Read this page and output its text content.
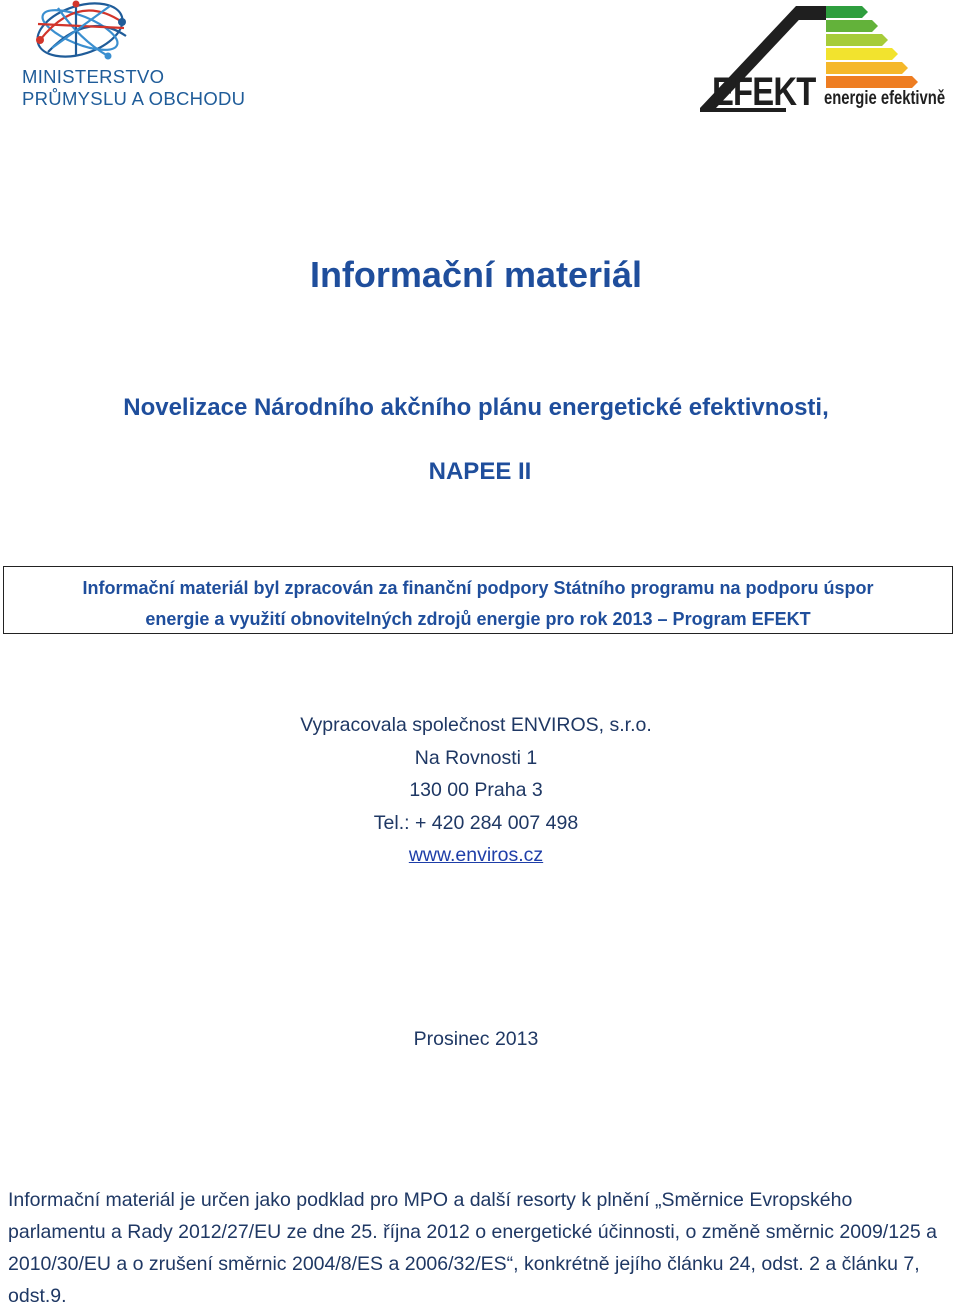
MINISTERSTVO
PRŮMYSLU A OBCHODU	EFEKT energie efektivně
Informační materiál
Novelizace Národního akčního plánu energetické efektivnosti,
NAPEE II
Informační materiál byl zpracován za finanční podpory Státního programu na podporu úspor
energie a využití obnovitelných zdrojů energie pro rok 2013 – Program EFEKT
Vypracovala společnost ENVIROS, s.r.o.
Na Rovnosti 1
130 00 Praha 3
Tel.: + 420 284 007 498
www.enviros.cz
Prosinec 2013
Informační materiál je určen jako podklad pro MPO a další resorty k plnění „Směrnice Evropského parlamentu a Rady 2012/27/EU ze dne 25. října 2012 o energetické účinnosti, o změně směrnic 2009/125 a 2010/30/EU a o zrušení směrnic 2004/8/ES a 2006/32/ES“, konkrétně jejího článku 24, odst. 2 a článku 7, odst.9.
